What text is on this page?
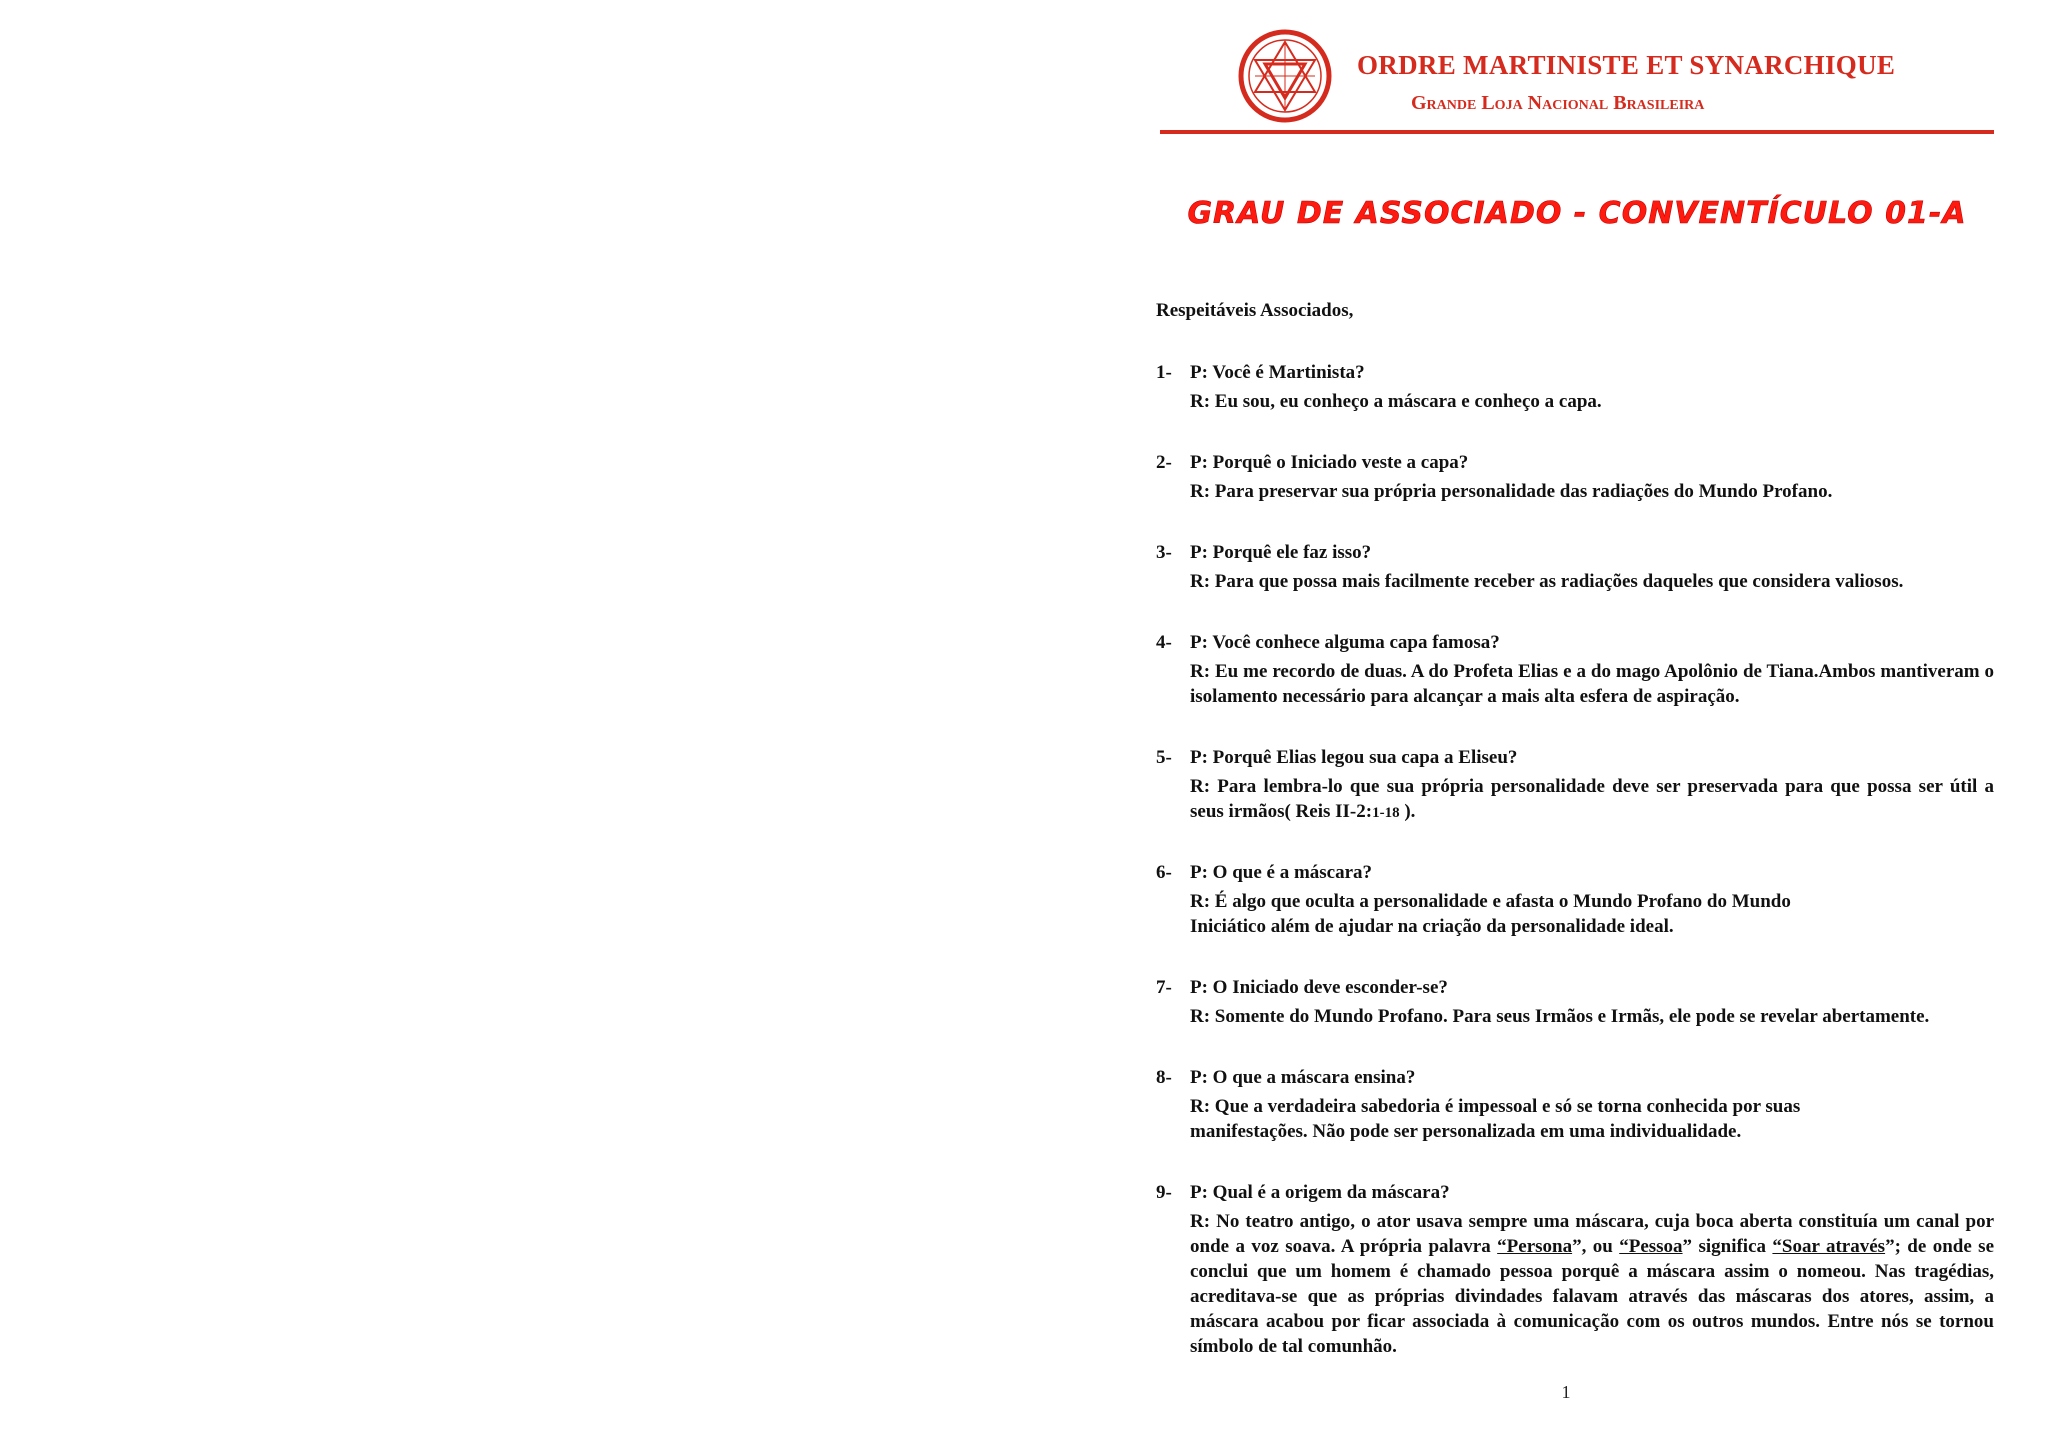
ORDRE MARTINISTE ET SYNARCHIQUE
Grande Loja Nacional Brasileira
GRAU DE ASSOCIADO - CONVENTÍCULO 01-A
Respeitáveis Associados,
1- P: Você é Martinista?
R: Eu sou, eu conheço a máscara e conheço a capa.
2- P: Porquê o Iniciado veste a capa?
R: Para preservar sua própria personalidade das radiações do Mundo Profano.
3- P: Porquê ele faz isso?
R: Para que possa mais facilmente receber as radiações daqueles que considera valiosos.
4- P: Você conhece alguma capa famosa?
R: Eu me recordo de duas. A do Profeta Elias e a do mago Apolônio de Tiana.Ambos mantiveram o isolamento necessário para alcançar a mais alta esfera de aspiração.
5- P: Porquê Elias legou sua capa a Eliseu?
R: Para lembra-lo que sua própria personalidade deve ser preservada para que possa ser útil a seus irmãos( Reis II-2:1-18 ).
6- P: O que é a máscara?
R: É algo que oculta a personalidade e afasta o Mundo Profano do Mundo
Iniciático além de ajudar na criação da personalidade ideal.
7- P: O Iniciado deve esconder-se?
R: Somente do Mundo Profano. Para seus Irmãos e Irmãs, ele pode se revelar abertamente.
8- P: O que a máscara ensina?
R: Que a verdadeira sabedoria é impessoal e só se torna conhecida por suas
manifestações. Não pode ser personalizada em uma individualidade.
9- P: Qual é a origem da máscara?
R: No teatro antigo, o ator usava sempre uma máscara, cuja boca aberta constituía um canal por onde a voz soava. A própria palavra “Persona”, ou “Pessoa” significa “Soar através”; de onde se conclui que um homem é chamado pessoa porquê a máscara assim o nomeou. Nas tragédias, acreditava-se que as próprias divindades falavam através das máscaras dos atores, assim, a máscara acabou por ficar associada à comunicação com os outros mundos. Entre nós se tornou símbolo de tal comunhão.
1
